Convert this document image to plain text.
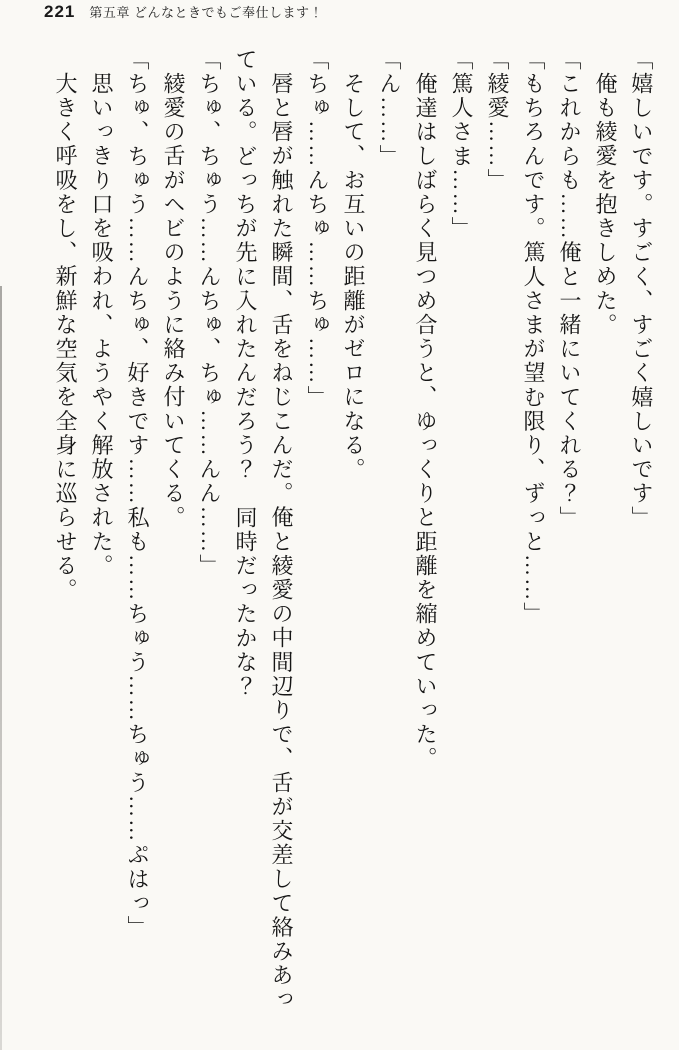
221 第五章 どんなときでもご奉仕します！

「嬉しいです。すごく、すごく嬉しいです」

俺も綾愛を抱きしめた。

「これからも……俺と一緒にいてくれる？」

「もちろんです。篤人さまが望む限り、ずっと……」

「綾愛……」

「篤人さま……」

俺達はしばらく見つめ合うと、ゆっくりと距離を縮めていった。

「ん……」

そして、お互いの距離がゼロになる。

「ちゅ……んちゅ……ちゅ……」

唇と唇が触れた瞬間、舌をねじこんだ。俺と綾愛の中間辺りで、舌が交差して絡みあっ

ている。どっちが先に入れたんだろう？　同時だったかな？

「ちゅ、ちゅう……んちゅ、ちゅ……んん……」

綾愛の舌がヘビのように絡み付いてくる。

「ちゅ、ちゅう……んちゅ、好きです……私も……ちゅう……ちゅう……ぷはっ」

思いっきり口を吸われ、ようやく解放された。

大きく呼吸をし、新鮮な空気を全身に巡らせる。
